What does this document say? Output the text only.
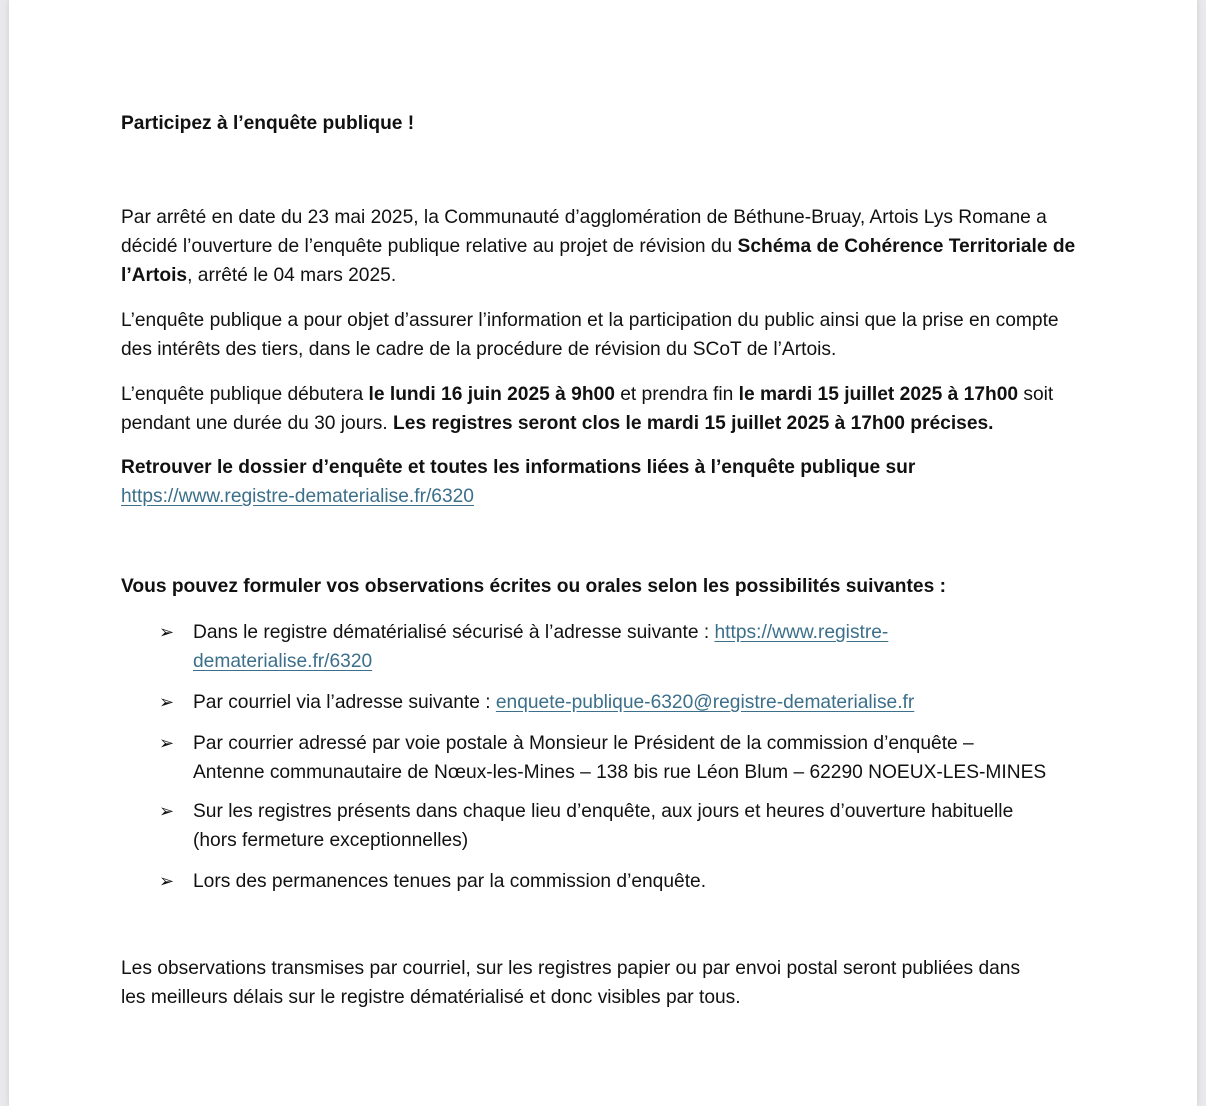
Participez à l’enquête publique !

Par arrêté en date du 23 mai 2025, la Communauté d’agglomération de Béthune-Bruay, Artois Lys Romane a décidé l’ouverture de l’enquête publique relative au projet de révision du Schéma de Cohérence Territoriale de l’Artois, arrêté le 04 mars 2025.

L’enquête publique a pour objet d’assurer l’information et la participation du public ainsi que la prise en compte des intérêts des tiers, dans le cadre de la procédure de révision du SCoT de l’Artois.

L’enquête publique débutera le lundi 16 juin 2025 à 9h00 et prendra fin le mardi 15 juillet 2025 à 17h00 soit pendant une durée du 30 jours. Les registres seront clos le mardi 15 juillet 2025 à 17h00 précises.

Retrouver le dossier d’enquête et toutes les informations liées à l’enquête publique sur
https://www.registre-dematerialise.fr/6320

Vous pouvez formuler vos observations écrites ou orales selon les possibilités suivantes :

➢ Dans le registre dématérialisé sécurisé à l’adresse suivante : https://www.registre-
dematerialise.fr/6320
➢ Par courriel via l’adresse suivante : enquete-publique-6320@registre-dematerialise.fr
➢ Par courrier adressé par voie postale à Monsieur le Président de la commission d’enquête –
Antenne communautaire de Nœux-les-Mines – 138 bis rue Léon Blum – 62290 NOEUX-LES-MINES
➢ Sur les registres présents dans chaque lieu d’enquête, aux jours et heures d’ouverture habituelle
(hors fermeture exceptionnelles)
➢ Lors des permanences tenues par la commission d’enquête.

Les observations transmises par courriel, sur les registres papier ou par envoi postal seront publiées dans
les meilleurs délais sur le registre dématérialisé et donc visibles par tous.
